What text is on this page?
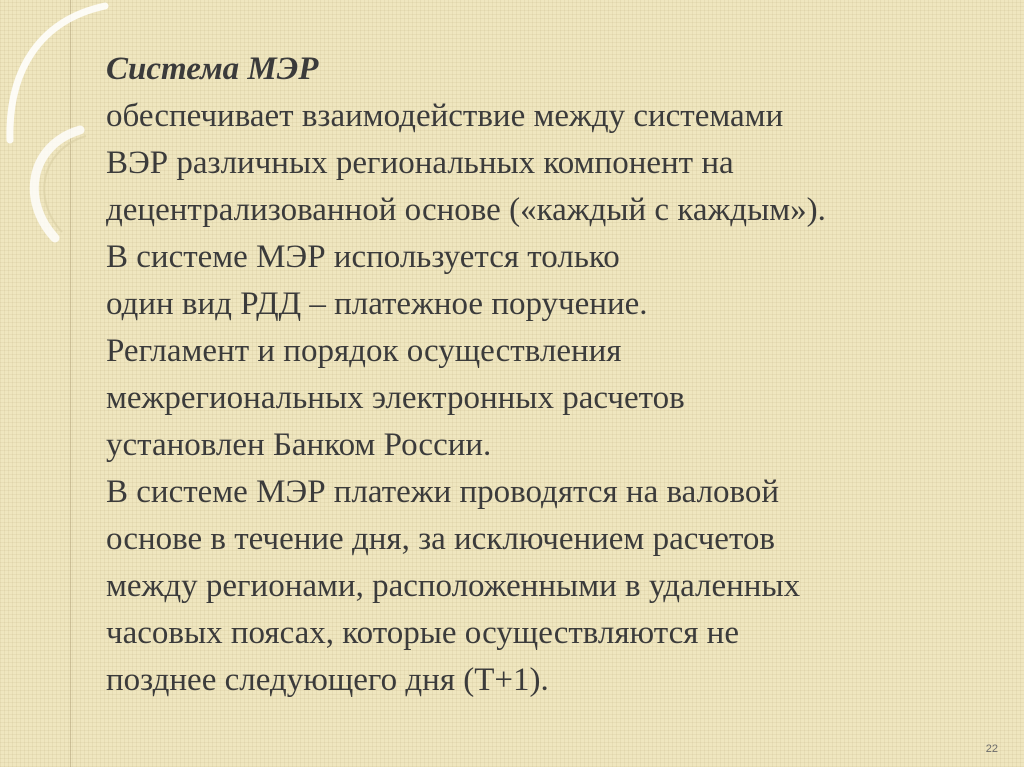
Система МЭР
обеспечивает взаимодействие между системами
ВЭР различных региональных компонент на
децентрализованной основе («каждый с каждым»).
В системе МЭР используется только
один вид РДД – платежное поручение.
Регламент и порядок осуществления
межрегиональных электронных расчетов
установлен Банком России.
В системе МЭР платежи проводятся на валовой
основе в течение дня, за исключением расчетов
между регионами, расположенными в удаленных
часовых поясах, которые осуществляются не
позднее следующего дня (Т+1).
22
